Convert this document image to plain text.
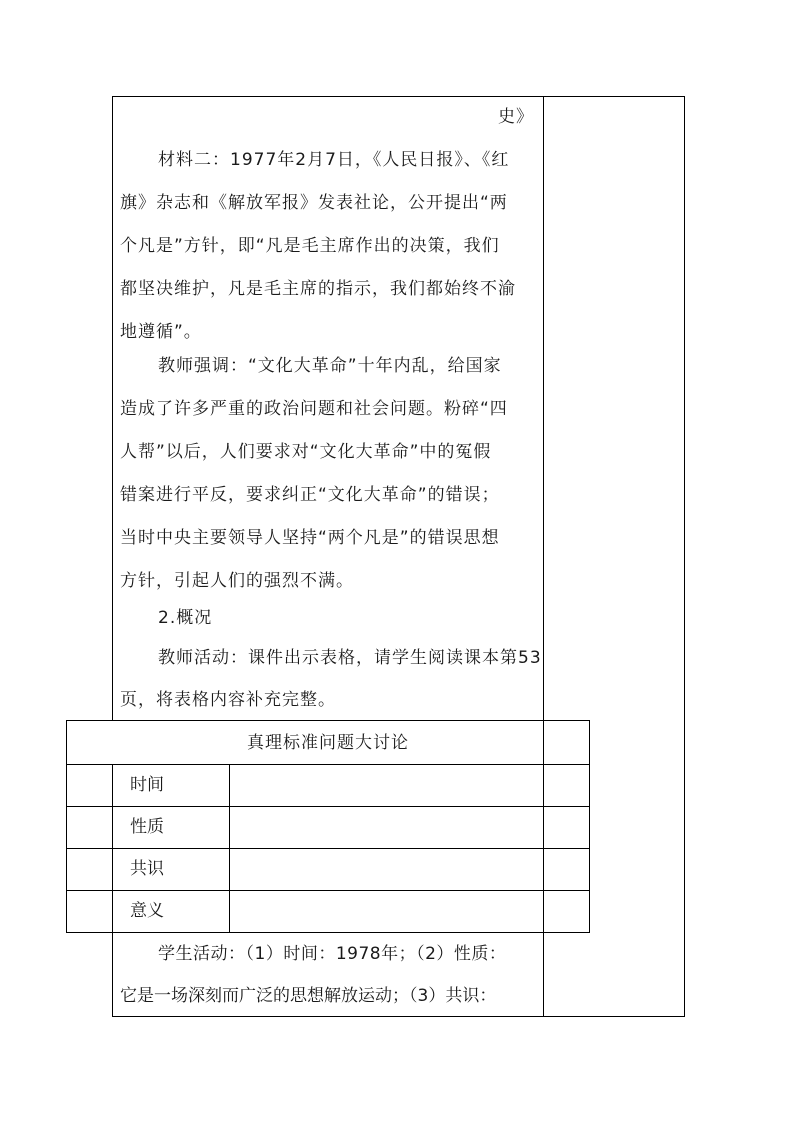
史》
材料二：1977年2月7日，《人民日报》、《红
旗》杂志和《解放军报》发表社论，公开提出“两
个凡是”方针，即“凡是毛主席作出的决策，我们
都坚决维护，凡是毛主席的指示，我们都始终不渝
地遵循”。
教师强调：“文化大革命”十年内乱，给国家
造成了许多严重的政治问题和社会问题。粉碎“四
人帮”以后，人们要求对“文化大革命”中的冤假
错案进行平反，要求纠正“文化大革命”的错误；
当时中央主要领导人坚持“两个凡是”的错误思想
方针，引起人们的强烈不满。
2.概况
教师活动：课件出示表格，请学生阅读课本第53
页，将表格内容补充完整。
真理标准问题大讨论
时间
性质
共识
意义
学生活动：（1）时间：1978年；（2）性质：
它是一场深刻而广泛的思想解放运动；（3）共识：
